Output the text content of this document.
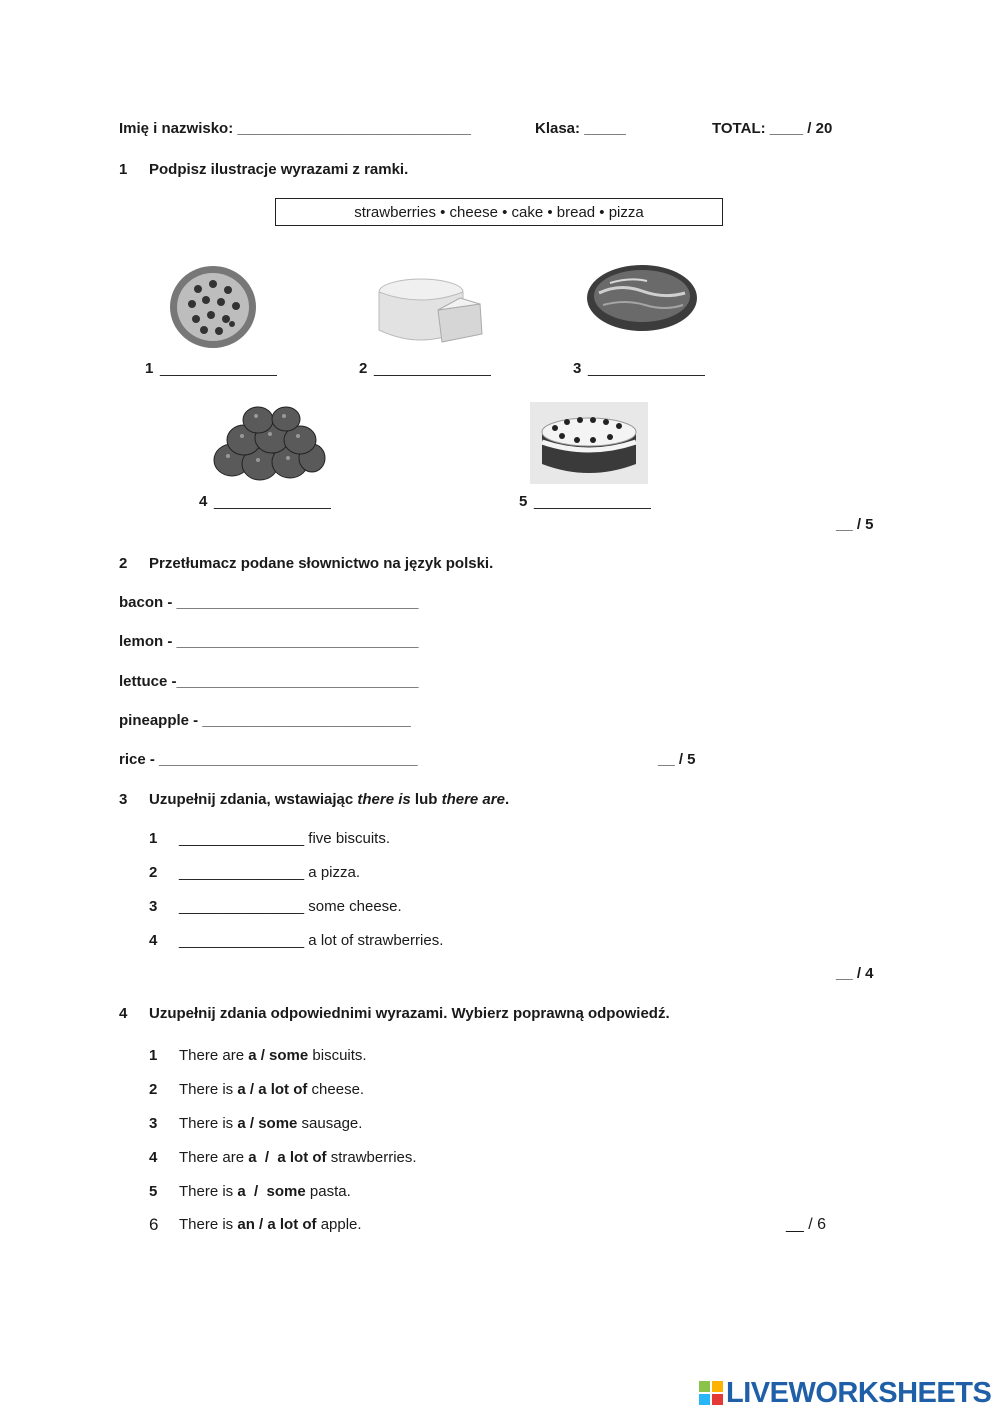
Imię i nazwisko: ____________________________	Klasa: _____	TOTAL: ____ / 20
1 Podpisz ilustracje wyrazami z ramki.
strawberries • cheese • cake • bread • pizza
1 ______________	2 ______________	3 ______________
4 ______________	5 ______________
__ / 5
2 Przetłumacz podane słownictwo na język polski.
bacon - _____________________________
lemon - _____________________________
lettuce -_____________________________
pineapple - _________________________
rice - _______________________________	__ / 5
3 Uzupełnij zdania, wstawiając there is lub there are.
1 _______________ five biscuits.
2 _______________ a pizza.
3 _______________ some cheese.
4 _______________ a lot of strawberries.
__ / 4
4 Uzupełnij zdania odpowiednimi wyrazami. Wybierz poprawną odpowiedź.
1 There are a / some biscuits.
2 There is a / a lot of cheese.
3 There is a / some sausage.
4 There are a  /  a lot of strawberries.
5 There is a  /  some pasta.
6 There is an / a lot of apple.	__ / 6
LIVEWORKSHEETS
